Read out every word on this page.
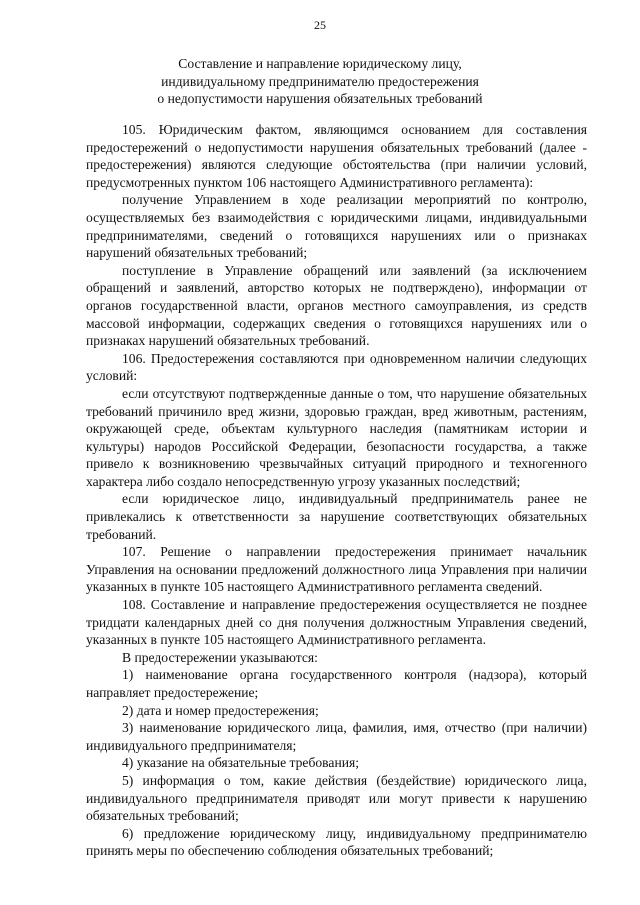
25
Составление и направление юридическому лицу,
индивидуальному предпринимателю предостережения
о недопустимости нарушения обязательных требований

105. Юридическим фактом, являющимся основанием для составления предостережений о недопустимости нарушения обязательных требований (далее - предостережения) являются следующие обстоятельства (при наличии условий, предусмотренных пунктом 106 настоящего Административного регламента):

получение Управлением в ходе реализации мероприятий по контролю, осуществляемых без взаимодействия с юридическими лицами, индивидуальными предпринимателями, сведений о готовящихся нарушениях или о признаках нарушений обязательных требований;

поступление в Управление обращений или заявлений (за исключением обращений и заявлений, авторство которых не подтверждено), информации от органов государственной власти, органов местного самоуправления, из средств массовой информации, содержащих сведения о готовящихся нарушениях или о признаках нарушений обязательных требований.

106. Предостережения составляются при одновременном наличии следующих условий:

если отсутствуют подтвержденные данные о том, что нарушение обязательных требований причинило вред жизни, здоровью граждан, вред животным, растениям, окружающей среде, объектам культурного наследия (памятникам истории и культуры) народов Российской Федерации, безопасности государства, а также привело к возникновению чрезвычайных ситуаций природного и техногенного характера либо создало непосредственную угрозу указанных последствий;

если юридическое лицо, индивидуальный предприниматель ранее не привлекались к ответственности за нарушение соответствующих обязательных требований.

107. Решение о направлении предостережения принимает начальник Управления на основании предложений должностного лица Управления при наличии указанных в пункте 105 настоящего Административного регламента сведений.

108. Составление и направление предостережения осуществляется не позднее тридцати календарных дней со дня получения должностным Управления сведений, указанных в пункте 105 настоящего Административного регламента.

В предостережении указываются:

1) наименование органа государственного контроля (надзора), который направляет предостережение;

2) дата и номер предостережения;

3) наименование юридического лица, фамилия, имя, отчество (при наличии) индивидуального предпринимателя;

4) указание на обязательные требования;

5) информация о том, какие действия (бездействие) юридического лица, индивидуального предпринимателя приводят или могут привести к нарушению обязательных требований;

6) предложение юридическому лицу, индивидуальному предпринимателю принять меры по обеспечению соблюдения обязательных требований;
